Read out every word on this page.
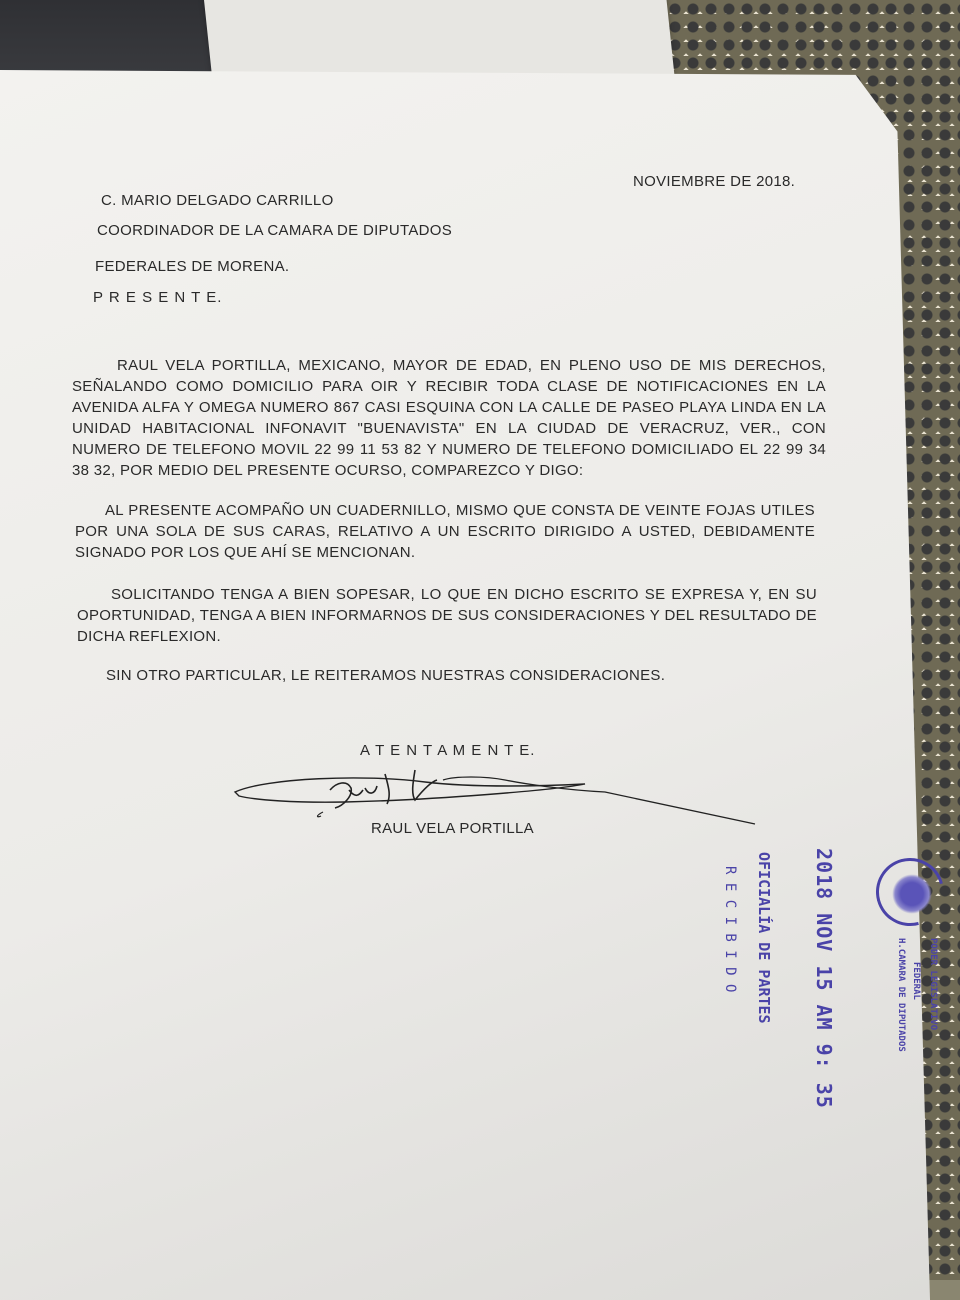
NOVIEMBRE DE 2018.
C. MARIO DELGADO CARRILLO
COORDINADOR DE LA CAMARA DE DIPUTADOS
FEDERALES DE MORENA.
P R E S E N T E.
RAUL VELA PORTILLA, MEXICANO, MAYOR DE EDAD, EN PLENO USO DE MIS DERECHOS, SEÑALANDO COMO DOMICILIO PARA OIR Y RECIBIR TODA CLASE DE NOTIFICACIONES EN LA AVENIDA ALFA Y OMEGA NUMERO 867 CASI ESQUINA CON LA CALLE DE PASEO PLAYA LINDA EN LA UNIDAD HABITACIONAL INFONAVIT "BUENAVISTA" EN LA CIUDAD DE VERACRUZ, VER., CON NUMERO DE TELEFONO MOVIL 22 99 11 53 82 Y NUMERO DE TELEFONO DOMICILIADO EL 22 99 34 38 32, POR MEDIO DEL PRESENTE OCURSO, COMPAREZCO Y DIGO:
AL PRESENTE ACOMPAÑO UN CUADERNILLO, MISMO QUE CONSTA DE VEINTE FOJAS UTILES POR UNA SOLA DE SUS CARAS, RELATIVO A UN ESCRITO DIRIGIDO A USTED, DEBIDAMENTE SIGNADO POR LOS QUE AHÍ SE MENCIONAN.
SOLICITANDO TENGA A BIEN SOPESAR, LO QUE EN DICHO ESCRITO SE EXPRESA Y, EN SU OPORTUNIDAD, TENGA A BIEN INFORMARNOS DE SUS CONSIDERACIONES Y DEL RESULTADO DE DICHA REFLEXION.
SIN OTRO PARTICULAR, LE REITERAMOS NUESTRAS CONSIDERACIONES.
A T E N T A M E N T E.
RAUL VELA PORTILLA
2018 NOV 15 AM 9: 35
OFICIALÍA DE PARTES
R E C I B I D O	PODER LEGISLATIVO
FEDERAL
H.CAMARA DE DIPUTADOS
